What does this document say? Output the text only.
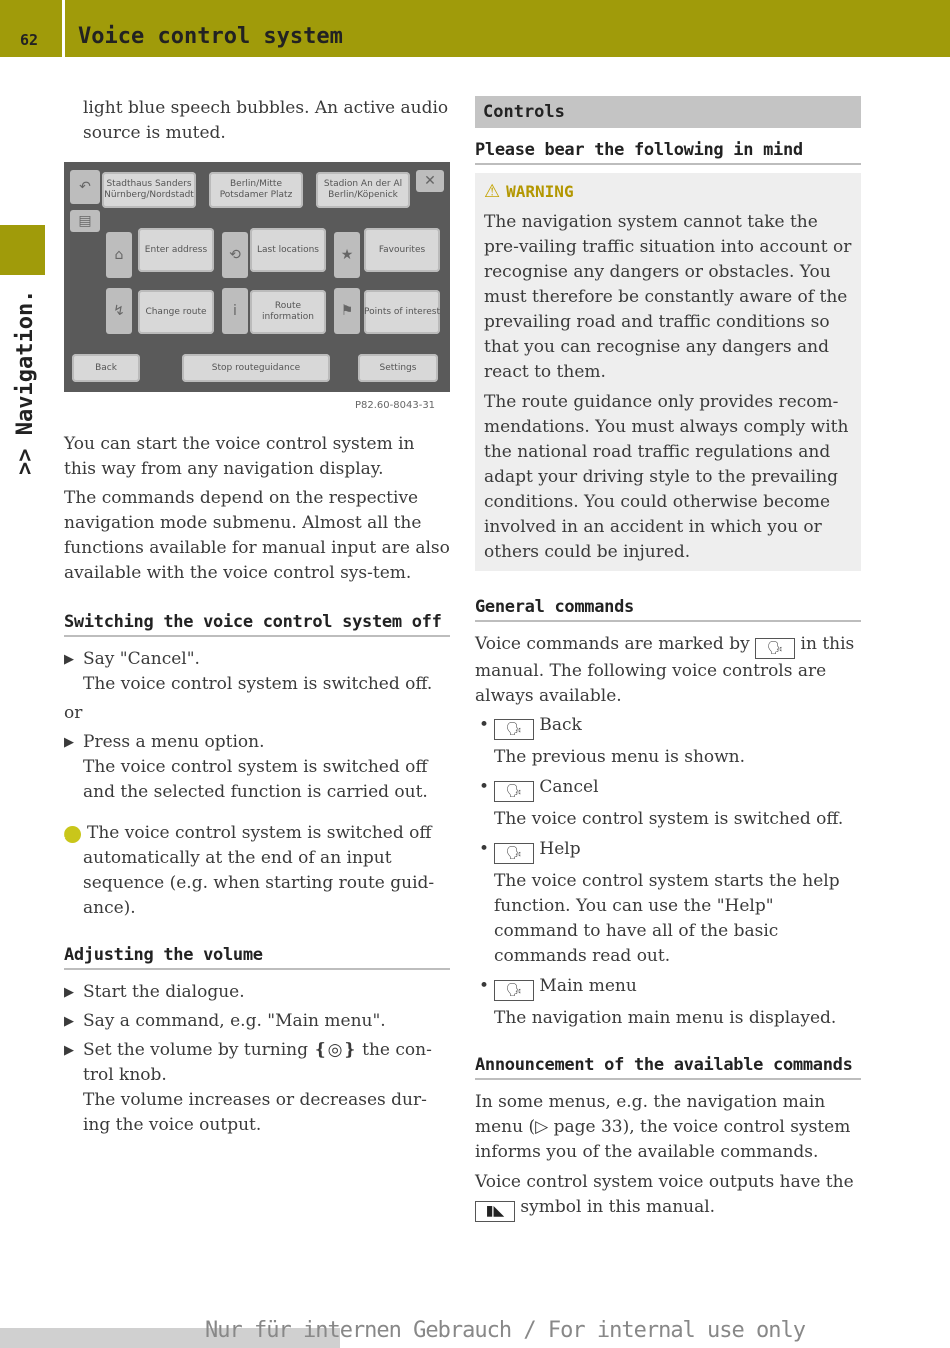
62 Voice control system
>> Navigation.

light blue speech bubbles. An active audio source is muted.

↶	Stadthaus Sanders Nürnberg/Nordstadt
Berlin/Mitte Potsdamer Platz
Stadion An der Al Berlin/Köpenick
✕
▤
⌂	Enter address	⟲	Last locations	★	Favourites
↯	Change route	i	Route information	⚑	Points of interest
Back	Stop routeguidance	Settings
P82.60-8043-31

You can start the voice control system in this way from any navigation display.

The commands depend on the respective navigation mode submenu. Almost all the functions available for manual input are also available with the voice control sys-tem.

Switching the voice control system off

▶ Say "Cancel".

The voice control system is switched off.

or

▶ Press a menu option.

The voice control system is switched off and the selected function is carried out.

i The voice control system is switched off automatically at the end of an input sequence (e.g. when starting route guid-ance).

Adjusting the volume

▶ Start the dialogue.

▶ Say a command, e.g. "Main menu".

▶ Set the volume by turning ❴◎❵ the con-trol knob.

The volume increases or decreases dur-ing the voice output.

Controls

Please bear the following in mind

⚠ WARNING

The navigation system cannot take the pre-vailing traffic situation into account or recognise any dangers or obstacles. You must therefore be constantly aware of the prevailing road and traffic conditions so that you can recognise any dangers and react to them.

The route guidance only provides recom-mendations. You must always comply with the national road traffic regulations and adapt your driving style to the prevailing conditions. You could otherwise become involved in an accident in which you or others could be injured.

General commands

Voice commands are marked by 🗣 in this manual. The following voice controls are always available.

• 🗣 Back

The previous menu is shown.

• 🗣 Cancel

The voice control system is switched off.

• 🗣 Help

The voice control system starts the help function. You can use the "Help" command to have all of the basic commands read out.

• 🗣 Main menu

The navigation main menu is displayed.

Announcement of the available commands

In some menus, e.g. the navigation main menu (▷ page 33), the voice control system informs you of the available commands.

Voice control system voice outputs have the ▮◣ symbol in this manual.

Nur für internen Gebrauch / For internal use only
